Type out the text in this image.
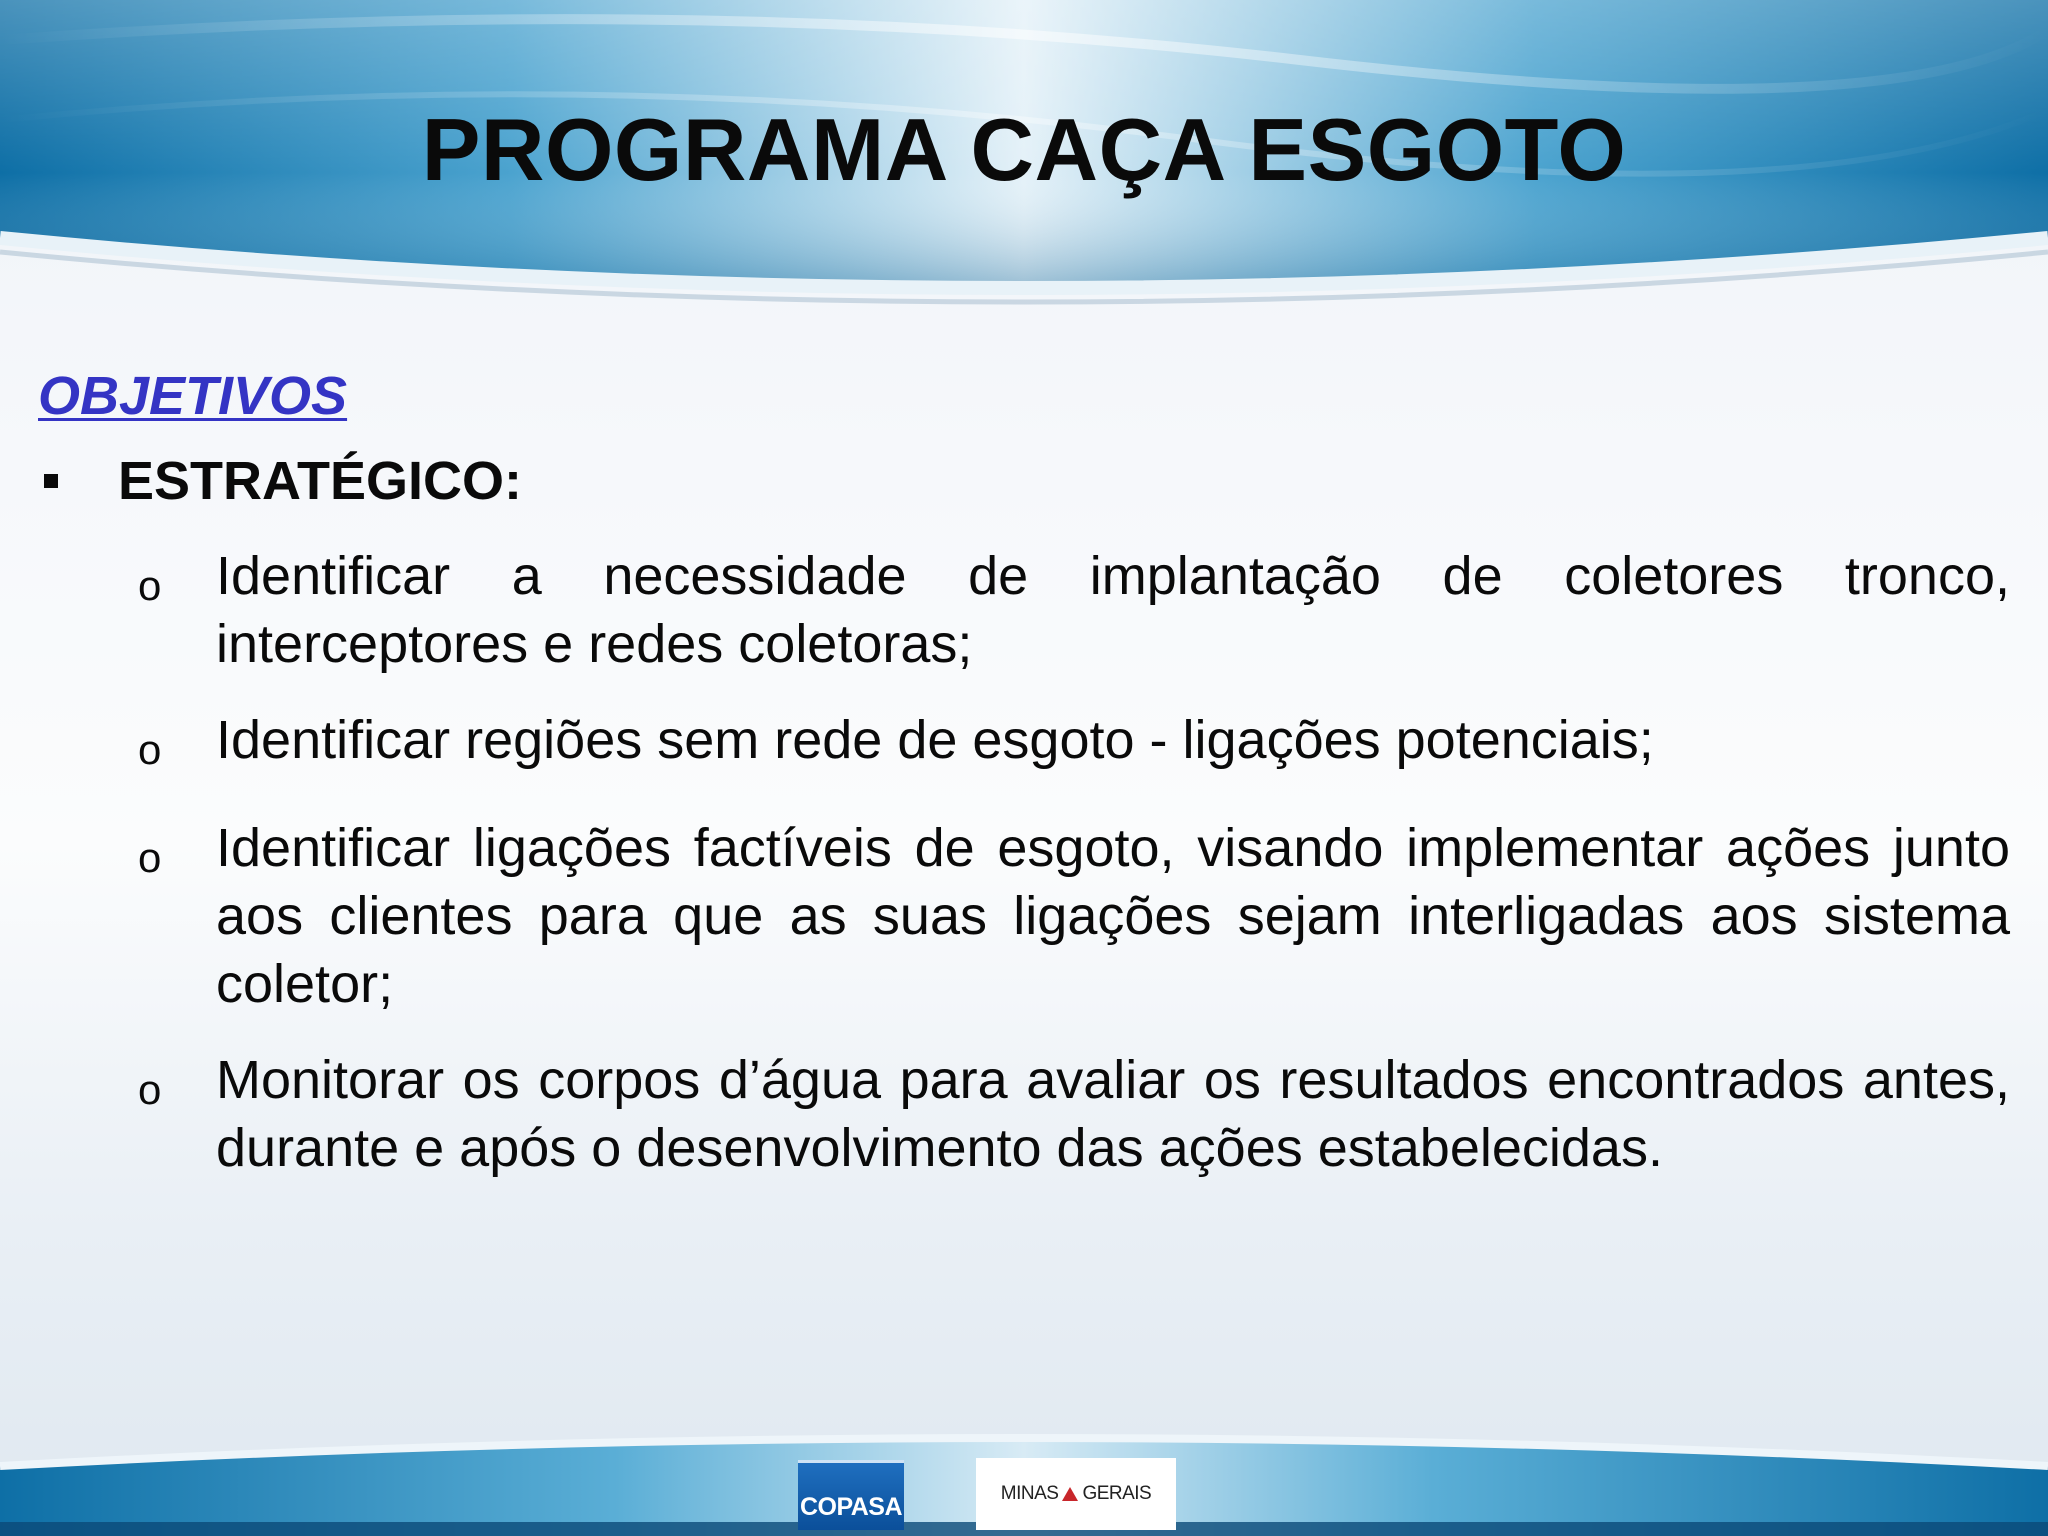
PROGRAMA CAÇA ESGOTO
OBJETIVOS
ESTRATÉGICO:
o	Identificar a necessidade de implantação de coletores tronco, interceptores e redes coletoras;
o	Identificar regiões sem rede de esgoto - ligações potenciais;
o	Identificar ligações factíveis de esgoto, visando implementar ações junto aos clientes para que as suas ligações sejam interligadas aos sistema coletor;
o	Monitorar os corpos d’água para avaliar os resultados encontrados antes, durante e após o desenvolvimento das ações estabelecidas.
COPASA	MINAS GERAIS
